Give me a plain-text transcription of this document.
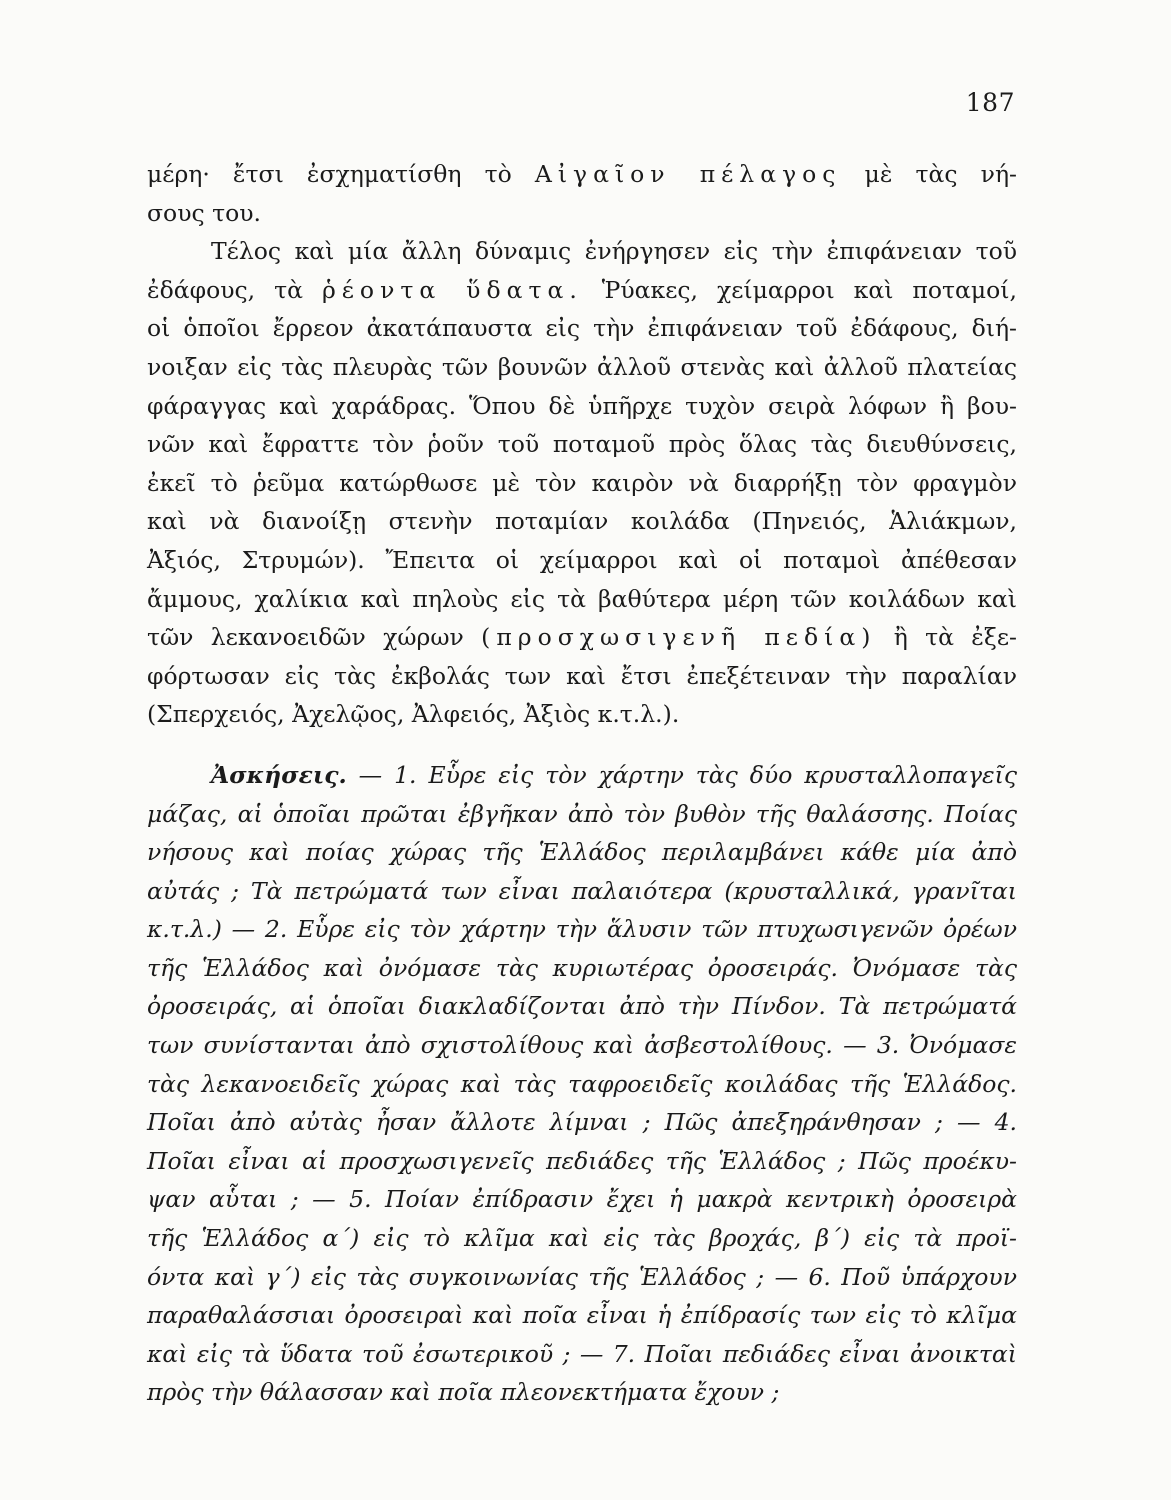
187
μέρη· ἔτσι ἐσχηματίσθη τὸ Αἰγαῖον πέλαγος μὲ τὰς νή-
σους του.
Τέλος καὶ μία ἄλλη δύναμις ἐνήργησεν εἰς τὴν ἐπιφάνειαν τοῦ
ἐδάφους, τὰ ῥέοντα ὕδατα. Ῥύακες, χείμαρροι καὶ ποταμοί,
οἱ ὁποῖοι ἔρρεον ἀκατάπαυστα εἰς τὴν ἐπιφάνειαν τοῦ ἐδάφους, διή-
νοιξαν εἰς τὰς πλευρὰς τῶν βουνῶν ἀλλοῦ στενὰς καὶ ἀλλοῦ πλατείας
φάραγγας καὶ χαράδρας. Ὅπου δὲ ὑπῆρχε τυχὸν σειρὰ λόφων ἢ βου-
νῶν καὶ ἔφραττε τὸν ῥοῦν τοῦ ποταμοῦ πρὸς ὅλας τὰς διευθύνσεις,
ἐκεῖ τὸ ῥεῦμα κατώρθωσε μὲ τὸν καιρὸν νὰ διαρρήξῃ τὸν φραγμὸν
καὶ νὰ διανοίξῃ στενὴν ποταμίαν κοιλάδα (Πηνειός, Ἁλιάκμων,
Ἀξιός, Στρυμών). Ἔπειτα οἱ χείμαρροι καὶ οἱ ποταμοὶ ἀπέθεσαν
ἄμμους, χαλίκια καὶ πηλοὺς εἰς τὰ βαθύτερα μέρη τῶν κοιλάδων καὶ
τῶν λεκανοειδῶν χώρων (προσχωσιγενῆ πεδία) ἢ τὰ ἐξε-
φόρτωσαν εἰς τὰς ἐκβολάς των καὶ ἔτσι ἐπεξέτειναν τὴν παραλίαν
(Σπερχειός, Ἀχελῷος, Ἀλφειός, Ἀξιὸς κ.τ.λ.).
Ἀσκήσεις. — 1. Εὗρε εἰς τὸν χάρτην τὰς δύο κρυσταλλοπαγεῖς
μάζας, αἱ ὁποῖαι πρῶται ἐβγῆκαν ἀπὸ τὸν βυθὸν τῆς θαλάσσης. Ποίας
νήσους καὶ ποίας χώρας τῆς Ἑλλάδος περιλαμβάνει κάθε μία ἀπὸ
αὐτάς ; Τὰ πετρώματά των εἶναι παλαιότερα (κρυσταλλικά, γρανῖται
κ.τ.λ.) — 2. Εὗρε εἰς τὸν χάρτην τὴν ἅλυσιν τῶν πτυχωσιγενῶν ὀρέων
τῆς Ἑλλάδος καὶ ὀνόμασε τὰς κυριωτέρας ὀροσειράς. Ὀνόμασε τὰς
ὀροσειράς, αἱ ὁποῖαι διακλαδίζονται ἀπὸ τὴν Πίνδον. Τὰ πετρώματά
των συνίστανται ἀπὸ σχιστολίθους καὶ ἀσβεστολίθους. — 3. Ὀνόμασε
τὰς λεκανοειδεῖς χώρας καὶ τὰς ταφροειδεῖς κοιλάδας τῆς Ἑλλάδος.
Ποῖαι ἀπὸ αὐτὰς ἦσαν ἄλλοτε λίμναι ; Πῶς ἀπεξηράνθησαν ; — 4.
Ποῖαι εἶναι αἱ προσχωσιγενεῖς πεδιάδες τῆς Ἑλλάδος ; Πῶς προέκυ-
ψαν αὗται ; — 5. Ποίαν ἐπίδρασιν ἔχει ἡ μακρὰ κεντρικὴ ὀροσειρὰ
τῆς Ἑλλάδος α΄) εἰς τὸ κλῖμα καὶ εἰς τὰς βροχάς, β΄) εἰς τὰ προϊ-
όντα καὶ γ΄) εἰς τὰς συγκοινωνίας τῆς Ἑλλάδος ; — 6. Ποῦ ὑπάρχουν
παραθαλάσσιαι ὀροσειραὶ καὶ ποῖα εἶναι ἡ ἐπίδρασίς των εἰς τὸ κλῖμα
καὶ εἰς τὰ ὕδατα τοῦ ἐσωτερικοῦ ; — 7. Ποῖαι πεδιάδες εἶναι ἀνοικταὶ
πρὸς τὴν θάλασσαν καὶ ποῖα πλεονεκτήματα ἔχουν ;
